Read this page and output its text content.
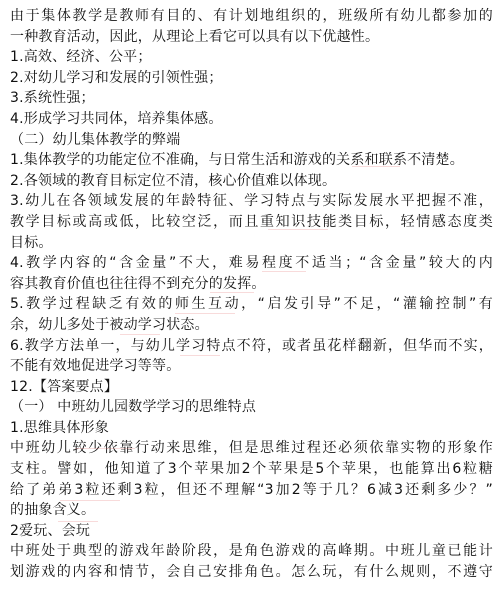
由于集体教学是教师有目的、有计划地组织的，班级所有幼儿都参加的
一种教育活动，因此，从理论上看它可以具有以下优越性。
1.高效、经济、公平；
2.对幼儿学习和发展的引领性强；
3.系统性强；
4.形成学习共同体，培养集体感。
（二）幼儿集体教学的弊端
1.集体教学的功能定位不准确，与日常生活和游戏的关系和联系不清楚。
2.各领域的教育目标定位不清，核心价值难以体现。
3.幼儿在各领域发展的年龄特征、学习特点与实际发展水平把握不准，
教学目标或高或低，比较空泛，而且重知识技能类目标，轻情感态度类
目标。
4.教学内容的“含金量”不大，难易程度不适当；“含金量”较大的内
容其教育价值也往往得不到充分的发挥。
5.教学过程缺乏有效的师生互动，“启发引导”不足，“灌输控制”有
余，幼儿多处于被动学习状态。
6.教学方法单一，与幼儿学习特点不符，或者虽花样翻新，但华而不实，
不能有效地促进学习等等。
12.【答案要点】
（一） 中班幼儿园数学学习的思维特点
1.思维具体形象
中班幼儿较少依靠行动来思维，但是思维过程还必须依靠实物的形象作
支柱。譬如，他知道了3个苹果加2个苹果是5个苹果，也能算出6粒糖
给了弟弟3粒还剩3粒，但还不理解“3加2等于几？6减3还剩多少？”
的抽象含义。
2爱玩、会玩
中班处于典型的游戏年龄阶段，是角色游戏的高峰期。中班儿童已能计
划游戏的内容和情节，会自己安排角色。怎么玩，有什么规则，不遵守
